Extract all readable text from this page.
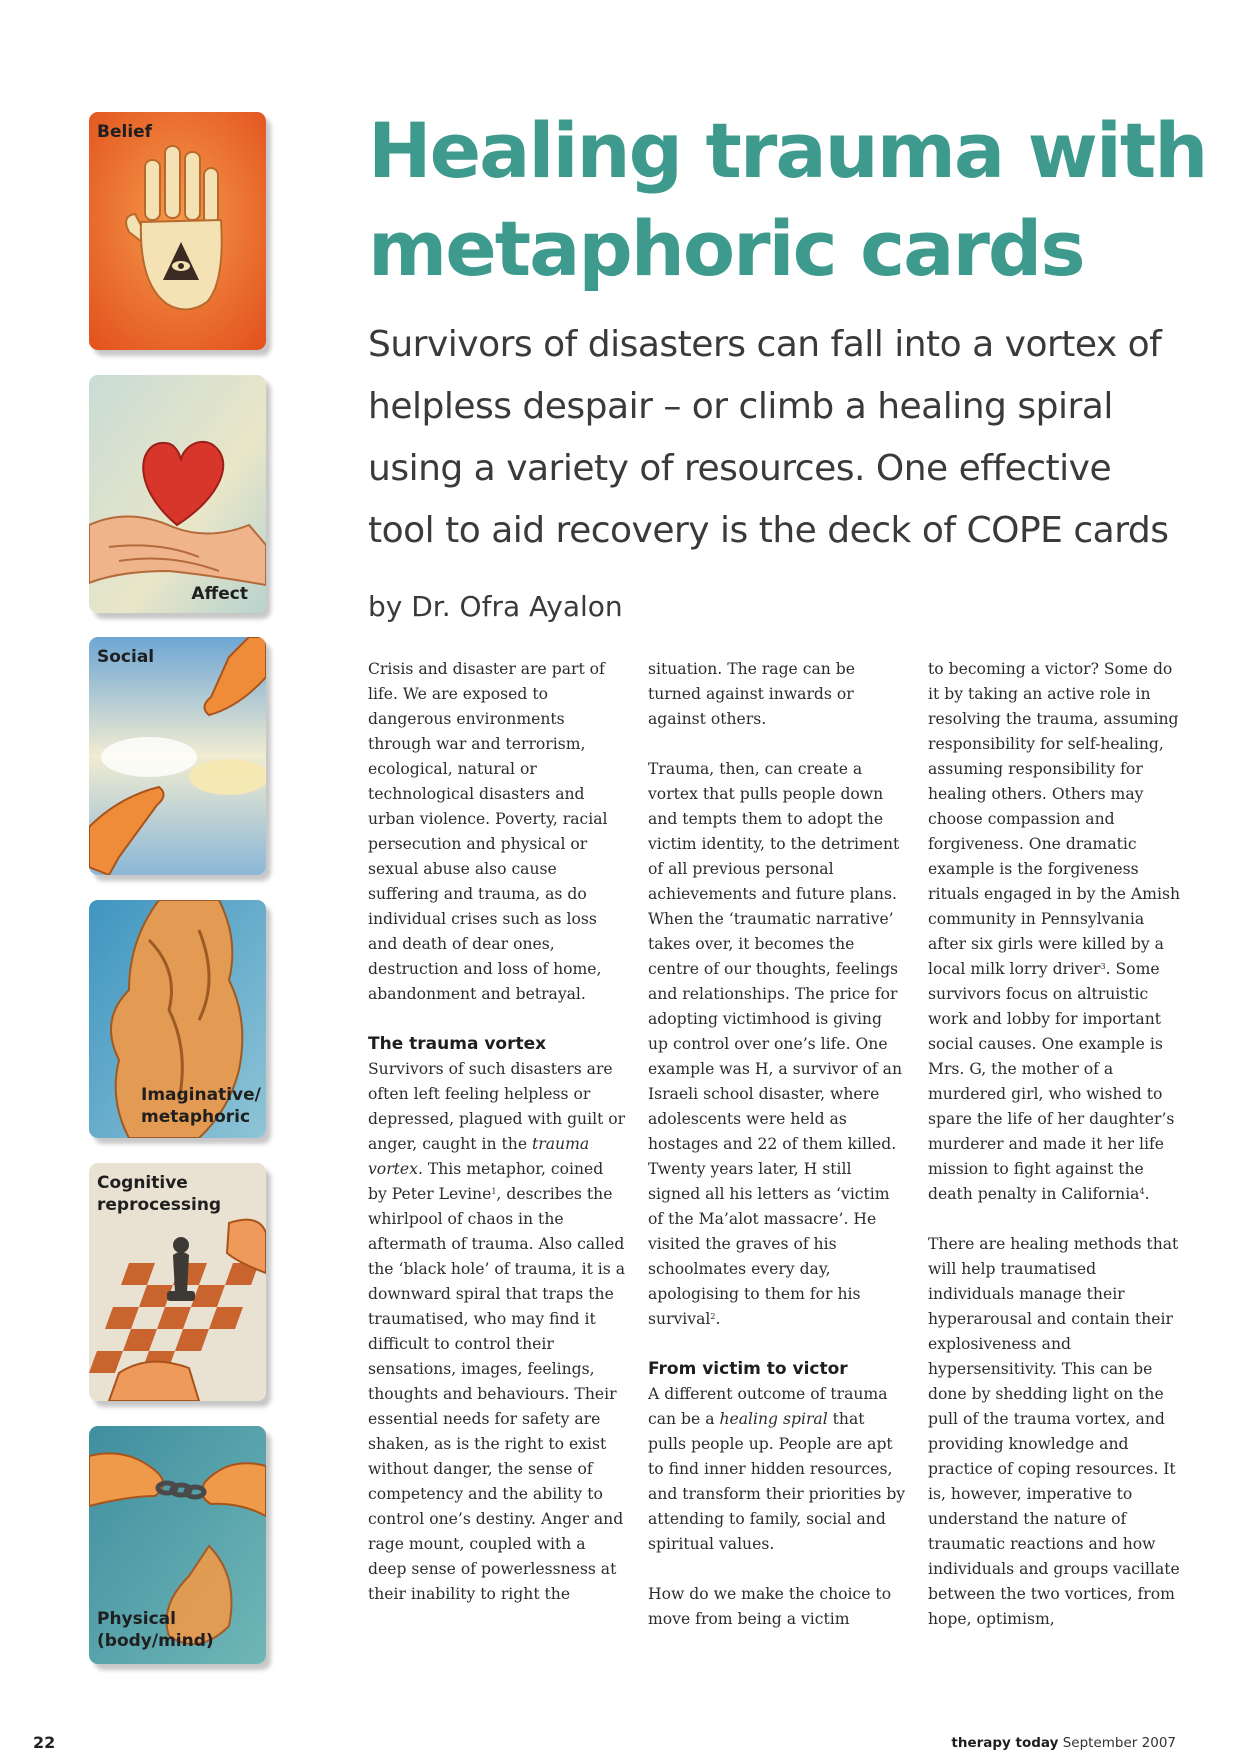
Belief
Affect
Social
Imaginative/
metaphoric
Cognitive
reprocessing
Physical
(body/mind)
Healing trauma with metaphoric cards

Survivors of disasters can fall into a vortex of helpless despair – or climb a healing spiral using a variety of resources. One effective tool to aid recovery is the deck of COPE cards

by Dr. Ofra Ayalon

Crisis and disaster are part of life. We are exposed to dangerous environments through war and terrorism, ecological, natural or technological disasters and urban violence. Poverty, racial persecution and physical or sexual abuse also cause suffering and trauma, as do individual crises such as loss and death of dear ones, destruction and loss of home, abandonment and betrayal.

The trauma vortex

Survivors of such disasters are often left feeling helpless or depressed, plagued with guilt or anger, caught in the trauma vortex. This metaphor, coined by Peter Levine$^1$, describes the whirlpool of chaos in the aftermath of trauma. Also called the ‘black hole’ of trauma, it is a downward spiral that traps the traumatised, who may find it difficult to control their sensations, images, feelings, thoughts and behaviours. Their essential needs for safety are shaken, as is the right to exist without danger, the sense of competency and the ability to control one’s destiny. Anger and rage mount, coupled with a deep sense of powerlessness at their inability to right the

situation. The rage can be turned against inwards or against others.

Trauma, then, can create a vortex that pulls people down and tempts them to adopt the victim identity, to the detriment of all previous personal achievements and future plans. When the ‘traumatic narrative’ takes over, it becomes the centre of our thoughts, feelings and relationships. The price for adopting victimhood is giving up control over one’s life. One example was H, a survivor of an Israeli school disaster, where adolescents were held as hostages and 22 of them killed. Twenty years later, H still signed all his letters as ‘victim of the Ma’alot massacre’. He visited the graves of his schoolmates every day, apologising to them for his survival$^2$.

From victim to victor

A different outcome of trauma can be a healing spiral that pulls people up. People are apt to find inner hidden resources, and transform their priorities by attending to family, social and spiritual values.

How do we make the choice to move from being a victim

to becoming a victor? Some do it by taking an active role in resolving the trauma, assuming responsibility for self-healing, assuming responsibility for healing others. Others may choose compassion and forgiveness. One dramatic example is the forgiveness rituals engaged in by the Amish community in Pennsylvania after six girls were killed by a local milk lorry driver$^3$. Some survivors focus on altruistic work and lobby for important social causes. One example is Mrs. G, the mother of a murdered girl, who wished to spare the life of her daughter’s murderer and made it her life mission to fight against the death penalty in California$^4$.

There are healing methods that will help traumatised individuals manage their hyperarousal and contain their explosiveness and hypersensitivity. This can be done by shedding light on the pull of the trauma vortex, and providing knowledge and practice of coping resources. It is, however, imperative to understand the nature of traumatic reactions and how individuals and groups vacillate between the two vortices, from hope, optimism,

22	therapy today September 2007
